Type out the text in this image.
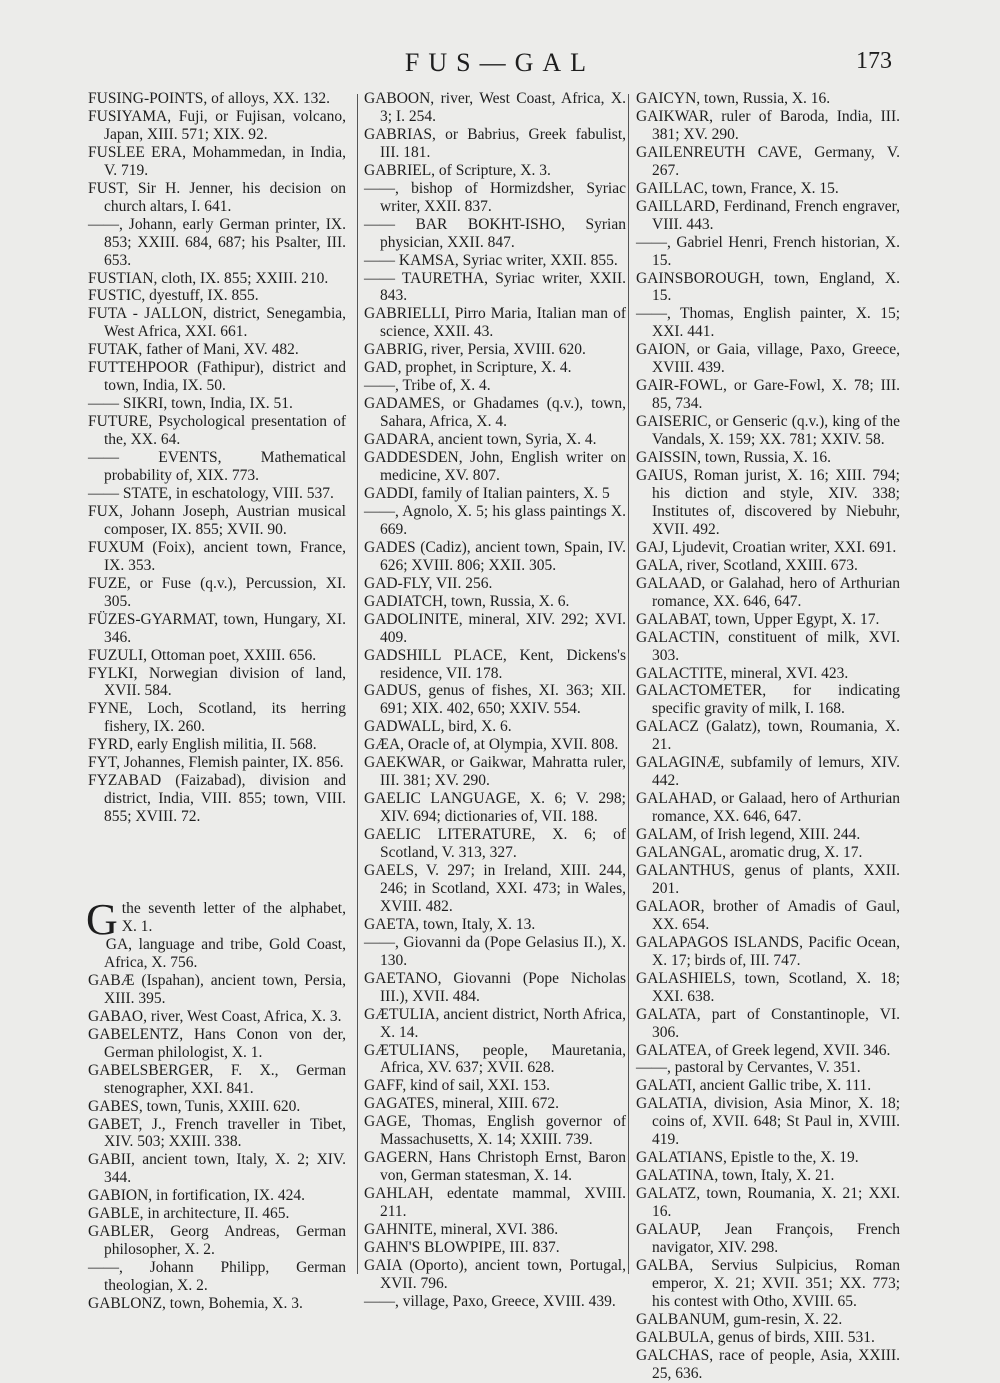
FUS—GAL	173

FUSING-POINTS, of alloys, XX. 132.

FUSIYAMA, Fuji, or Fujisan, volcano, Japan, XIII. 571; XIX. 92.

FUSLEE ERA, Mohammedan, in India, V. 719.

FUST, Sir H. Jenner, his decision on church altars, I. 641.

——, Johann, early German printer, IX. 853; XXIII. 684, 687; his Psalter, III. 653.

FUSTIAN, cloth, IX. 855; XXIII. 210.

FUSTIC, dyestuff, IX. 855.

FUTA - JALLON, district, Senegambia, West Africa, XXI. 661.

FUTAK, father of Mani, XV. 482.

FUTTEHPOOR (Fathipur), district and town, India, IX. 50.

—— SIKRI, town, India, IX. 51.

FUTURE, Psychological presentation of the, XX. 64.

—— EVENTS, Mathematical probability of, XIX. 773.

—— STATE, in eschatology, VIII. 537.

FUX, Johann Joseph, Austrian musical composer, IX. 855; XVII. 90.

FUXUM (Foix), ancient town, France, IX. 353.

FUZE, or Fuse (q.v.), Percussion, XI. 305.

FÜZES-GYARMAT, town, Hungary, XI. 346.

FUZULI, Ottoman poet, XXIII. 656.

FYLKI, Norwegian division of land, XVII. 584.

FYNE, Loch, Scotland, its herring fishery, IX. 260.

FYRD, early English militia, II. 568.

FYT, Johannes, Flemish painter, IX. 856.

FYZABAD (Faizabad), division and district, India, VIII. 855; town, VIII. 855; XVIII. 72.

G the seventh letter of the alphabet, X. 1.

GA, language and tribe, Gold Coast, Africa, X. 756.

GABÆ (Ispahan), ancient town, Persia, XIII. 395.

GABAO, river, West Coast, Africa, X. 3.

GABELENTZ, Hans Conon von der, German philologist, X. 1.

GABELSBERGER, F. X., German stenographer, XXI. 841.

GABES, town, Tunis, XXIII. 620.

GABET, J., French traveller in Tibet, XIV. 503; XXIII. 338.

GABII, ancient town, Italy, X. 2; XIV. 344.

GABION, in fortification, IX. 424.

GABLE, in architecture, II. 465.

GABLER, Georg Andreas, German philosopher, X. 2.

——, Johann Philipp, German theologian, X. 2.

GABLONZ, town, Bohemia, X. 3.

GABOON, river, West Coast, Africa, X. 3; I. 254.

GABRIAS, or Babrius, Greek fabulist, III. 181.

GABRIEL, of Scripture, X. 3.

——, bishop of Hormizdsher, Syriac writer, XXII. 837.

—— BAR BOKHT-ISHO, Syrian physician, XXII. 847.

—— KAMSA, Syriac writer, XXII. 855.

—— TAURETHA, Syriac writer, XXII. 843.

GABRIELLI, Pirro Maria, Italian man of science, XXII. 43.

GABRIG, river, Persia, XVIII. 620.

GAD, prophet, in Scripture, X. 4.

——, Tribe of, X. 4.

GADAMES, or Ghadames (q.v.), town, Sahara, Africa, X. 4.

GADARA, ancient town, Syria, X. 4.

GADDESDEN, John, English writer on medicine, XV. 807.

GADDI, family of Italian painters, X. 5

——, Agnolo, X. 5; his glass paintings X. 669.

GADES (Cadiz), ancient town, Spain, IV. 626; XVIII. 806; XXII. 305.

GAD-FLY, VII. 256.

GADIATCH, town, Russia, X. 6.

GADOLINITE, mineral, XIV. 292; XVI. 409.

GADSHILL PLACE, Kent, Dickens's residence, VII. 178.

GADUS, genus of fishes, XI. 363; XII. 691; XIX. 402, 650; XXIV. 554.

GADWALL, bird, X. 6.

GÆA, Oracle of, at Olympia, XVII. 808.

GAEKWAR, or Gaikwar, Mahratta ruler, III. 381; XV. 290.

GAELIC LANGUAGE, X. 6; V. 298; XIV. 694; dictionaries of, VII. 188.

GAELIC LITERATURE, X. 6; of Scotland, V. 313, 327.

GAELS, V. 297; in Ireland, XIII. 244, 246; in Scotland, XXI. 473; in Wales, XVIII. 482.

GAETA, town, Italy, X. 13.

——, Giovanni da (Pope Gelasius II.), X. 130.

GAETANO, Giovanni (Pope Nicholas III.), XVII. 484.

GÆTULIA, ancient district, North Africa, X. 14.

GÆTULIANS, people, Mauretania, Africa, XV. 637; XVII. 628.

GAFF, kind of sail, XXI. 153.

GAGATES, mineral, XIII. 672.

GAGE, Thomas, English governor of Massachusetts, X. 14; XXIII. 739.

GAGERN, Hans Christoph Ernst, Baron von, German statesman, X. 14.

GAHLAH, edentate mammal, XVIII. 211.

GAHNITE, mineral, XVI. 386.

GAHN'S BLOWPIPE, III. 837.

GAIA (Oporto), ancient town, Portugal, XVII. 796.

——, village, Paxo, Greece, XVIII. 439.

GAICYN, town, Russia, X. 16.

GAIKWAR, ruler of Baroda, India, III. 381; XV. 290.

GAILENREUTH CAVE, Germany, V. 267.

GAILLAC, town, France, X. 15.

GAILLARD, Ferdinand, French engraver, VIII. 443.

——, Gabriel Henri, French historian, X. 15.

GAINSBOROUGH, town, England, X. 15.

——, Thomas, English painter, X. 15; XXI. 441.

GAION, or Gaia, village, Paxo, Greece, XVIII. 439.

GAIR-FOWL, or Gare-Fowl, X. 78; III. 85, 734.

GAISERIC, or Genseric (q.v.), king of the Vandals, X. 159; XX. 781; XXIV. 58.

GAISSIN, town, Russia, X. 16.

GAIUS, Roman jurist, X. 16; XIII. 794; his diction and style, XIV. 338; Institutes of, discovered by Niebuhr, XVII. 492.

GAJ, Ljudevit, Croatian writer, XXI. 691.

GALA, river, Scotland, XXIII. 673.

GALAAD, or Galahad, hero of Arthurian romance, XX. 646, 647.

GALABAT, town, Upper Egypt, X. 17.

GALACTIN, constituent of milk, XVI. 303.

GALACTITE, mineral, XVI. 423.

GALACTOMETER, for indicating specific gravity of milk, I. 168.

GALACZ (Galatz), town, Roumania, X. 21.

GALAGINÆ, subfamily of lemurs, XIV. 442.

GALAHAD, or Galaad, hero of Arthurian romance, XX. 646, 647.

GALAM, of Irish legend, XIII. 244.

GALANGAL, aromatic drug, X. 17.

GALANTHUS, genus of plants, XXII. 201.

GALAOR, brother of Amadis of Gaul, XX. 654.

GALAPAGOS ISLANDS, Pacific Ocean, X. 17; birds of, III. 747.

GALASHIELS, town, Scotland, X. 18; XXI. 638.

GALATA, part of Constantinople, VI. 306.

GALATEA, of Greek legend, XVII. 346.

——, pastoral by Cervantes, V. 351.

GALATI, ancient Gallic tribe, X. 111.

GALATIA, division, Asia Minor, X. 18; coins of, XVII. 648; St Paul in, XVIII. 419.

GALATIANS, Epistle to the, X. 19.

GALATINA, town, Italy, X. 21.

GALATZ, town, Roumania, X. 21; XXI. 16.

GALAUP, Jean François, French navigator, XIV. 298.

GALBA, Servius Sulpicius, Roman emperor, X. 21; XVII. 351; XX. 773; his contest with Otho, XVIII. 65.

GALBANUM, gum-resin, X. 22.

GALBULA, genus of birds, XIII. 531.

GALCHAS, race of people, Asia, XXIII. 25, 636.
